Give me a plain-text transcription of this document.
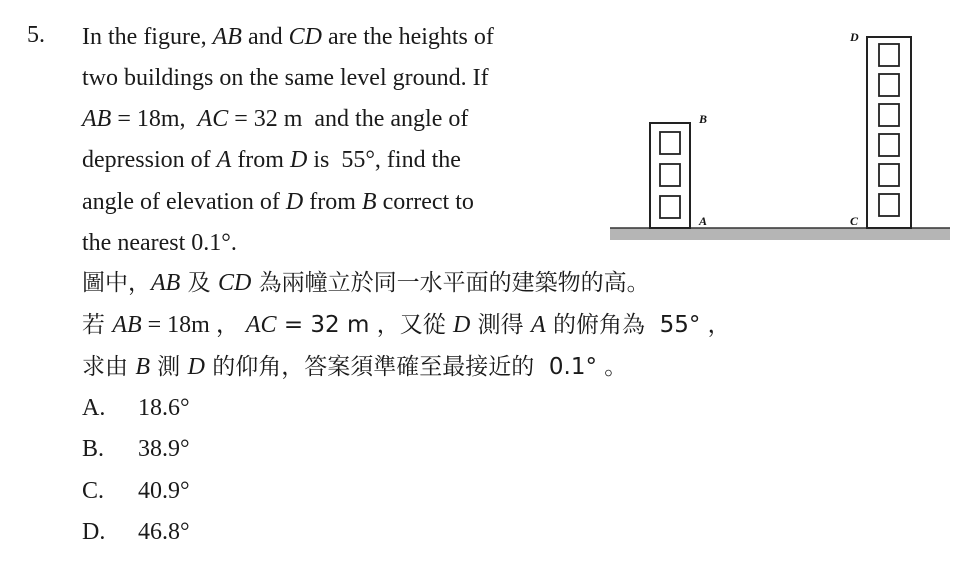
5. In the figure, AB and CD are the heights of
two buildings on the same level ground. If
AB = 18m,  AC = 32 m  and the angle of
depression of A from D is  55°, find the
angle of elevation of D from B correct to
the nearest 0.1°.
圖中，AB 及 CD 為兩幢立於同一水平面的建築物的高。
若 AB = 18m ， AC = 32 m ，又從 D 測得 A 的俯角為  55° ，
求由 B 測 D 的仰角，答案須準確至最接近的  0.1° 。
A. 18.6°
B. 38.9°
C. 40.9°
D. 46.8°
B
A	C
D
